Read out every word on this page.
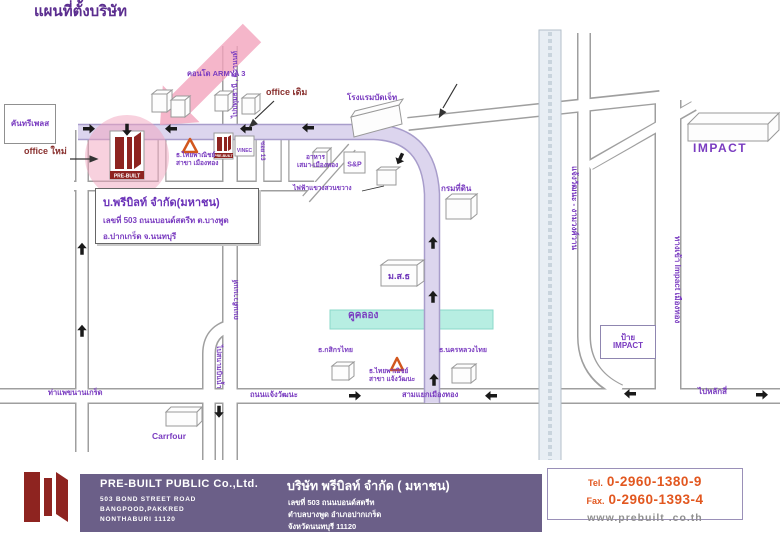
PRE-BUILT
PRE-BUILT
S&P
VINEC
ม.ส.ธ
แผนที่ตั้งบริษัท
คันทรีเพลส
ป้าย
IMPACT
บ.พรีบิลท์ จำกัด(มหาชน)
เลขที่ 503 ถนนบอนด์สตรีท ต.บางพูด
อ.ปากเกร็ด จ.นนทบุรี
ไปปทุมธานี , ติวานนท์
ถนนติวานนท์
คอนโด ARMYA 3
office ใหม่
office เดิม
ธ.ไทยพาณิชย์
สาขา เมืองทอง
ซอย 13
โรงแรมบัดเจ็ท
อาหาร
เสมา-เมืองทอง
ไฟฟ้าแขวงสวนขวาง	กรมที่ดิน
คูคลอง
ธ.กสิกรไทย
ธ.ไทยพาณิชย์
สาขา แจ้งวัฒนะ
ธ.นครหลวงไทย
ถนนแจ้งวัฒนะ	สามแยกเมืองทอง
ท่าแพขนานเกร็ด
ไปสนามบินน้ำ
Carrfour
แจ้งวัฒนะ - งามวงศ์วาน
ทางเข้า Impact เมืองทอง
IMPACT
ไปหลักสี่
PRE-BUILT PUBLIC Co.,Ltd.
503 BOND STREET ROAD
BANGPOOD,PAKKRED
NONTHABURI 11120
บริษัท พรีบิลท์ จำกัด ( มหาชน)
เลขที่ 503 ถนนบอนด์สตรีท
ตำบลบางพูด อำเภอปากเกร็ด
จังหวัดนนทบุรี 11120
Tel. 0-2960-1380-9
Fax. 0-2960-1393-4
www.prebuilt .co.th
